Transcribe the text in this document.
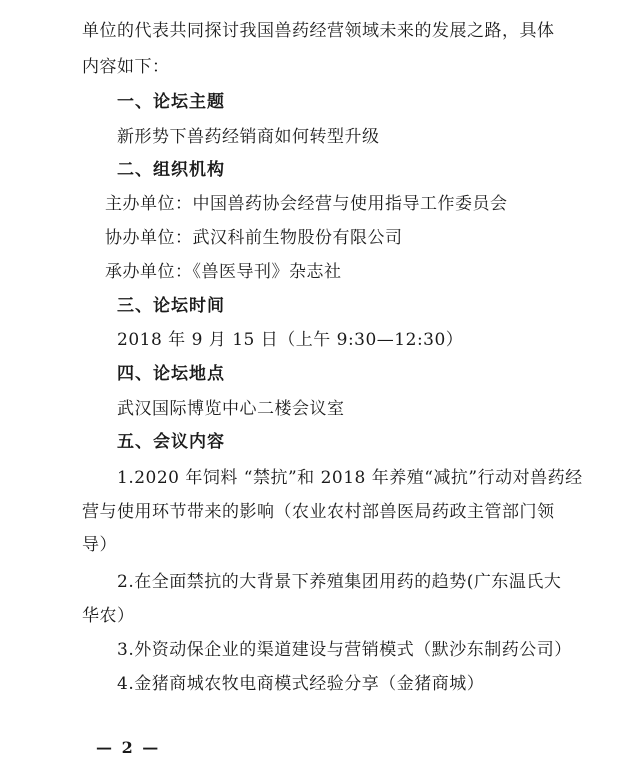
单位的代表共同探讨我国兽药经营领域未来的发展之路，具体
内容如下：
一、论坛主题
新形势下兽药经销商如何转型升级
二、组织机构
主办单位：中国兽药协会经营与使用指导工作委员会
协办单位：武汉科前生物股份有限公司
承办单位：《兽医导刊》杂志社
三、论坛时间
2018 年 9 月 15 日（上午 9:30—12:30）
四、论坛地点
武汉国际博览中心二楼会议室
五、会议内容
1.2020 年饲料 “禁抗”和 2018 年养殖“减抗”行动对兽药经
营与使用环节带来的影响（农业农村部兽医局药政主管部门领
导）
2.在全面禁抗的大背景下养殖集团用药的趋势(广东温氏大
华农）
3.外资动保企业的渠道建设与营销模式（默沙东制药公司）
4.金猪商城农牧电商模式经验分享（金猪商城）
— 2 —
